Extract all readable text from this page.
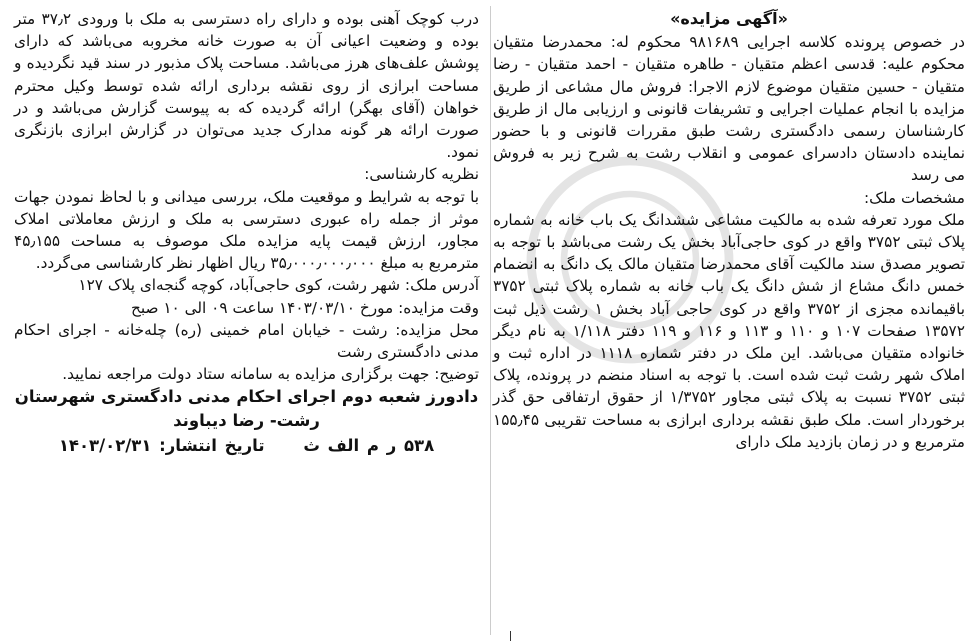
«آگهی مزایده»

در خصوص پرونده کلاسه اجرایی ۹۸۱۶۸۹ محکوم له: محمدرضا متقیان محکوم علیه: قدسی اعظم متقیان - طاهره متقیان - احمد متقیان - رضا متقیان - حسین متقیان موضوع لازم الاجرا: فروش مال مشاعی از طریق مزایده با انجام عملیات اجرایی و تشریفات قانونی و ارزیابی مال از طریق کارشناسان رسمی دادگستری رشت طبق مقررات قانونی و با حضور نماینده دادستان دادسرای عمومی و انقلاب رشت به شرح زیر به فروش می رسد

مشخصات ملک:

ملک مورد تعرفه شده به مالکیت مشاعی ششدانگ یک باب خانه به شماره پلاک ثبتی ۳۷۵۲ واقع در کوی حاجی‌آباد بخش یک رشت می‌باشد با توجه به تصویر مصدق سند مالکیت آقای محمدرضا متقیان مالک یک دانگ به انضمام خمس دانگ مشاع از شش دانگ یک باب خانه به شماره پلاک ثبتی ۳۷۵۲ باقیمانده مجزی از ۳۷۵۲ واقع در کوی حاجی آباد بخش ۱ رشت ذیل ثبت ۱۳۵۷۲ صفحات ۱۰۷ و ۱۱۰ و ۱۱۳ و ۱۱۶ و ۱۱۹ دفتر ۱/۱۱۸ به نام دیگر خانواده متقیان می‌باشد. این ملک در دفتر شماره ۱۱۱۸ در اداره ثبت و املاک شهر رشت ثبت شده است. با توجه به اسناد منضم در پرونده، پلاک ثبتی ۳۷۵۲ نسبت به پلاک ثبتی مجاور ۱/۳۷۵۲ از حقوق ارتفاقی حق گذر برخوردار است. ملک طبق نقشه برداری ابرازی به مساحت تقریبی ۱۵۵٫۴۵ مترمربع و در زمان بازدید ملک دارای

درب کوچک آهنی بوده و دارای راه دسترسی به ملک با ورودی ۳۷٫۲ متر بوده و وضعیت اعیانی آن به صورت خانه مخروبه می‌باشد که دارای پوشش علف‌های هرز می‌باشد. مساحت پلاک مذبور در سند قید نگردیده و مساحت ابرازی از روی نقشه برداری ارائه شده توسط وکیل محترم خواهان (آقای بهگر) ارائه گردیده که به پیوست گزارش می‌باشد و در صورت ارائه هر گونه مدارک جدید می‌توان در گزارش ابرازی بازنگری نمود.

نظریه کارشناسی:

با توجه به شرایط و موقعیت ملک، بررسی میدانی و با لحاظ نمودن جهات موثر از جمله راه عبوری دسترسی به ملک و ارزش معاملاتی املاک مجاور، ارزش قیمت پایه مزایده ملک موصوف به مساحت ۴۵٫۱۵۵ مترمربع به مبلغ ۳۵٫۰۰۰٫۰۰۰٫۰۰۰ ریال اظهار نظر کارشناسی می‌گردد.

آدرس ملک: شهر رشت، کوی حاجی‌آباد، کوچه گنجه‌ای پلاک ۱۲۷

وقت مزایده: مورخ ۱۴۰۳/۰۳/۱۰ ساعت ۰۹ الی ۱۰ صبح

محل مزایده: رشت - خیابان امام خمینی (ره) چلەخانه - اجرای احکام مدنی دادگستری رشت

توضیح: جهت برگزاری مزایده به سامانه ستاد دولت مراجعه نمایید.

دادورز شعبه دوم اجرای احکام مدنی دادگستری شهرستان

رشت- رضا دیباوند

۵۳۸ ر م الف ث     تاریخ انتشار: ۱۴۰۳/۰۲/۳۱
